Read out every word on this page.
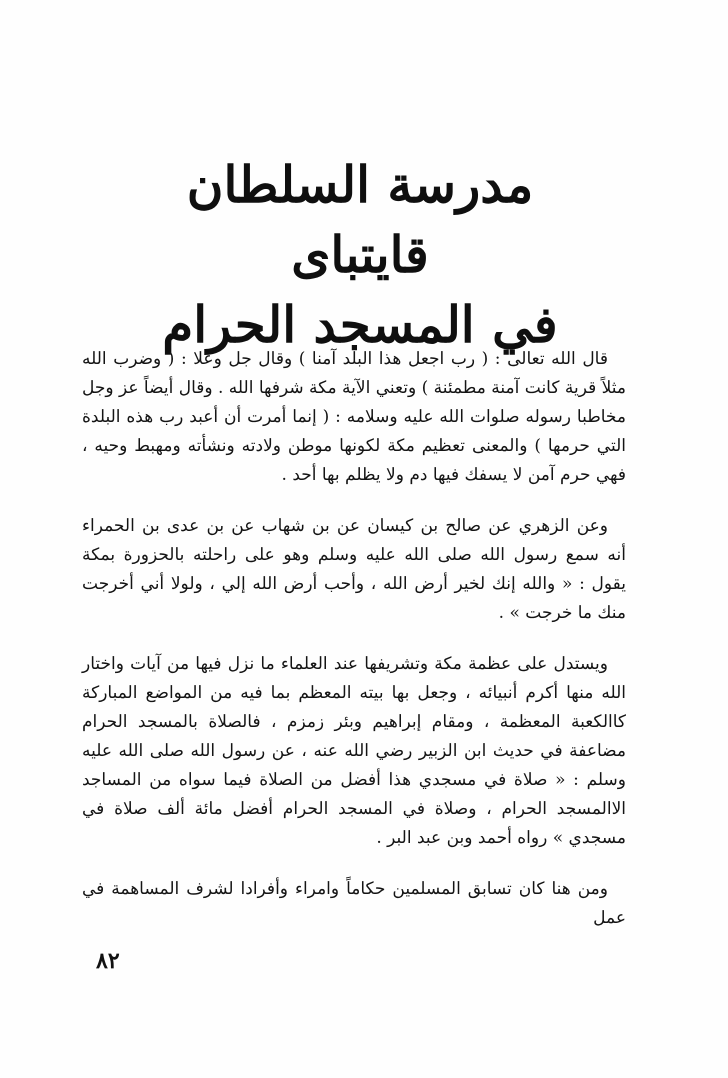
مدرسة السلطان قايتباى
في المسجد الحرام

قال الله تعالى : ( رب اجعل هذا البلد آمنا ) وقال جل وعلا : ( وضرب الله مثلاً قرية كانت آمنة مطمئنة ) وتعني الآية مكة شرفها الله . وقال أيضاً عز وجل مخاطبا رسوله صلوات الله عليه وسلامه : ( إنما أمرت أن أعبد رب هذه البلدة التي حرمها ) والمعنى تعظيم مكة لكونها موطن ولادته ونشأته ومهبط وحيه ، فهي حرم آمن لا يسفك فيها دم ولا يظلم بها أحد .

وعن الزهري عن صالح بن كيسان عن بن شهاب عن بن عدى بن الحمراء أنه سمع رسول الله صلى الله عليه وسلم وهو على راحلته بالحزورة بمكة يقول : « والله إنك لخير أرض الله ، وأحب أرض الله إلي ، ولولا أني أخرجت منك ما خرجت » .

ويستدل على عظمة مكة وتشريفها عند العلماء ما نزل فيها من آيات واختار الله منها أكرم أنبيائه ، وجعل بها بيته المعظم بما فيه من المواضع المباركة كاالكعبة المعظمة ، ومقام إبراهيم وبئر زمزم ، فالصلاة بالمسجد الحرام مضاعفة في حديث ابن الزبير رضي الله عنه ، عن رسول الله صلى الله عليه وسلم : « صلاة في مسجدي هذا أفضل من الصلاة فيما سواه من المساجد الاالمسجد الحرام ، وصلاة في المسجد الحرام أفضل مائة ألف صلاة في مسجدي » رواه أحمد وبن عبد البر .

ومن هنا كان تسابق المسلمين حكاماً وامراء وأفرادا لشرف المساهمة في عمل

٨٢
